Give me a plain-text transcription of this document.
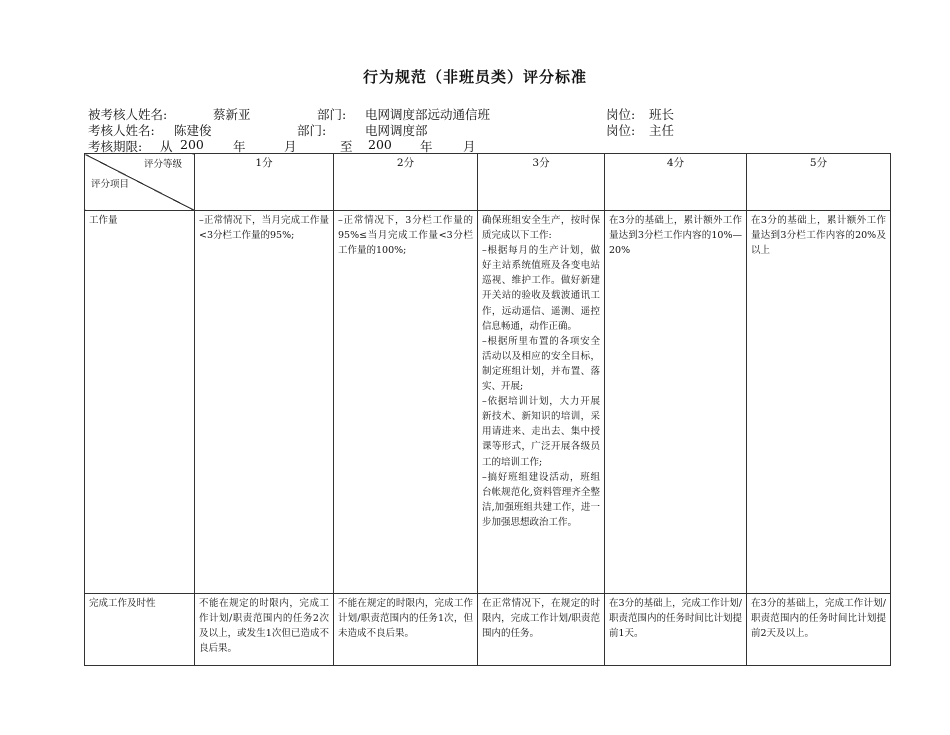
行为规范（非班员类）评分标准
被考核人姓名:	蔡新亚	部门: 电网调度部远动通信班	岗位: 班长
考核人姓名: 陈建俊	部门:	电网调度部	岗位: 主任
考核期限: 从 200 年	月	至 200 年 月
评分等级
评分项目	1分	2分	3分	4分	5分
工作量	–正常情况下，当月完成工作量<3分栏工作量的95%;	–正常情况下，3分栏工作量的95%≤当月完成工作量<3分栏工作量的100%;	确保班组安全生产，按时保质完成以下工作:
–根据每月的生产计划，做好主站系统值班及各变电站巡视、维护工作。做好新建开关站的验收及载波通讯工作，远动遥信、遥测、遥控信息畅通，动作正确。
–根据所里布置的各项安全活动以及相应的安全目标，制定班组计划，并布置、落实、开展;
–依据培训计划，大力开展新技术、新知识的培训，采用请进来、走出去、集中授课等形式，广泛开展各级员工的培训工作;
–搞好班组建设活动，班组台帐规范化,资料管理齐全整洁,加强班组共建工作，进一步加强思想政治工作。	在3分的基础上，累计额外工作量达到3分栏工作内容的10%—20%	在3分的基础上，累计额外工作量达到3分栏工作内容的20%及以上
完成工作及时性	不能在规定的时限内，完成工作计划/职责范围内的任务2次及以上，或发生1次但已造成不良后果。	不能在规定的时限内，完成工作计划/职责范围内的任务1次，但未造成不良后果。	在正常情况下，在规定的时限内，完成工作计划/职责范围内的任务。	在3分的基础上，完成工作计划/职责范围内的任务时间比计划提前1天。	在3分的基础上，完成工作计划/职责范围内的任务时间比计划提前2天及以上。
